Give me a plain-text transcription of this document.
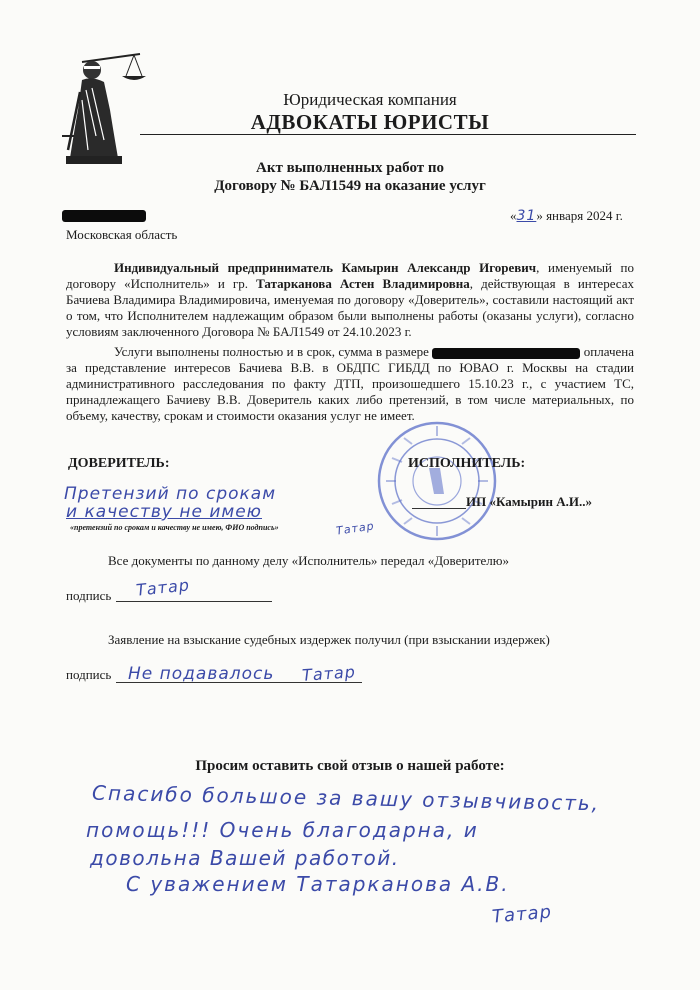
Юридическая компания
АДВОКАТЫ ЮРИСТЫ
Акт выполненных работ по
Договору № БАЛ1549 на оказание услуг
«31» января 2024 г.
Московская область

Индивидуальный предприниматель Камырин Александр Игоревич, именуемый по договору «Исполнитель» и гр. Татарканова Астен Владимировна, действующая в интересах Бачиева Владимира Владимировича, именуемая по договору «Доверитель», составили настоящий акт о том, что Исполнителем надлежащим образом были выполнены работы (оказаны услуги), согласно условиям заключенного Договора № БАЛ1549 от 24.10.2023 г.

Услуги выполнены полностью и в срок, сумма в размере	оплачена за представление интересов Бачиева В.В. в ОБДПС ГИБДД по ЮВАО г. Москвы на стадии административного расследования по факту ДТП, произошедшего 15.10.23 г., с участием ТС, принадлежащего Бачиеву В.В. Доверитель каких либо претензий, в том числе материальных, по объему, качеству, срокам и стоимости оказания услуг не имеет.

ДОВЕРИТЕЛЬ:	ИСПОЛНИТЕЛЬ:
Претензий по срокам
и качеству не имею
«претензий по срокам и качеству не имею, ФИО подпись»	Татар
ИП «Камырин А.И..»
Все документы по данному делу «Исполнитель» передал «Доверителю»
подпись Татар
Заявление на взыскание судебных издержек получил (при взыскании издержек)
подпись Не подавалось Татар
Просим оставить свой отзыв о нашей работе:
Спасибо большое за вашу отзывчивость,
помощь!!! Очень благодарна, и
довольна Вашей работой.
С уважением Татарканова А.В.
Татар
